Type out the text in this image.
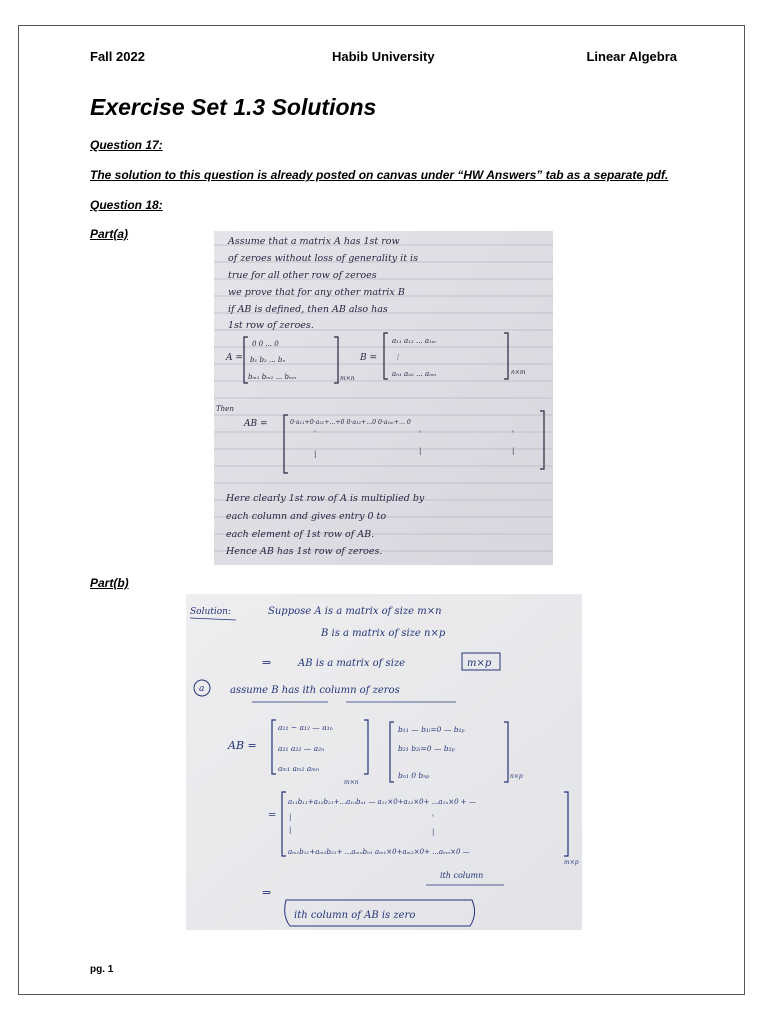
Fall 2022	Habib University	Linear Algebra
Exercise Set 1.3 Solutions
Question 17:
The solution to this question is already posted on canvas under “HW Answers” tab as a separate pdf.
Question 18:
Part(a)
Assume that a matrix A has 1st row
of zeroes without loss of generality it is
true for all other row of zeroes
we prove that for any other matrix B
if AB is defined, then AB also has
1st row of zeroes.
A =
0 0 ... 0
b₁ b₂ ... bₙ
bₘ₁ bₘ₂ ... bₘₙ	m×n
B =
a₁₁ a₁₂ ... a₁ₘ
⋮
aₙ₁ aₙ₂ ... aₙₘ	n×m
Then
AB =	0·a₁₁+0·a₂₁+...+0 0·a₁₂+...0 0·a₁ₘ+... 0
'
|
'
|
'
|
Here clearly 1st row of A is multiplied by
each column and gives entry 0 to
each element of 1st row of AB.
Hence AB has 1st row of zeroes.
Part(b)
Solution:	Suppose A is a matrix of size m×n
B is a matrix of size n×p
⇒	AB is a matrix of size	m×p
a	assume B has ith column of zeros
AB =
a₁₁ − a₁₂ — a₁ₙ
a₂₁ a₂₂ — a₂ₙ
aₘ₁ aₘ₂ aₘₙ
m×n
b₁₁ — b₁ᵢ=0 — b₁ₚ
b₂₁ b₂ᵢ=0 — b₂ₚ
bₙ₁ 0 bₙₚ	n×p
=
a₁₁b₁₁+a₁₂b₂₁+...a₁ₙbₙ₁ — a₁₁×0+a₁₂×0+ ...a₁ₙ×0 + —
|
|
'
|
aₘ₁b₁₁+aₘ₂b₂₁+ ...aₘₙbₙ₁ aₘ₁×0+aₘ₂×0+ ...aₘₙ×0 —
m×p
ith column
⇒
ith column of AB is zero
pg. 1
